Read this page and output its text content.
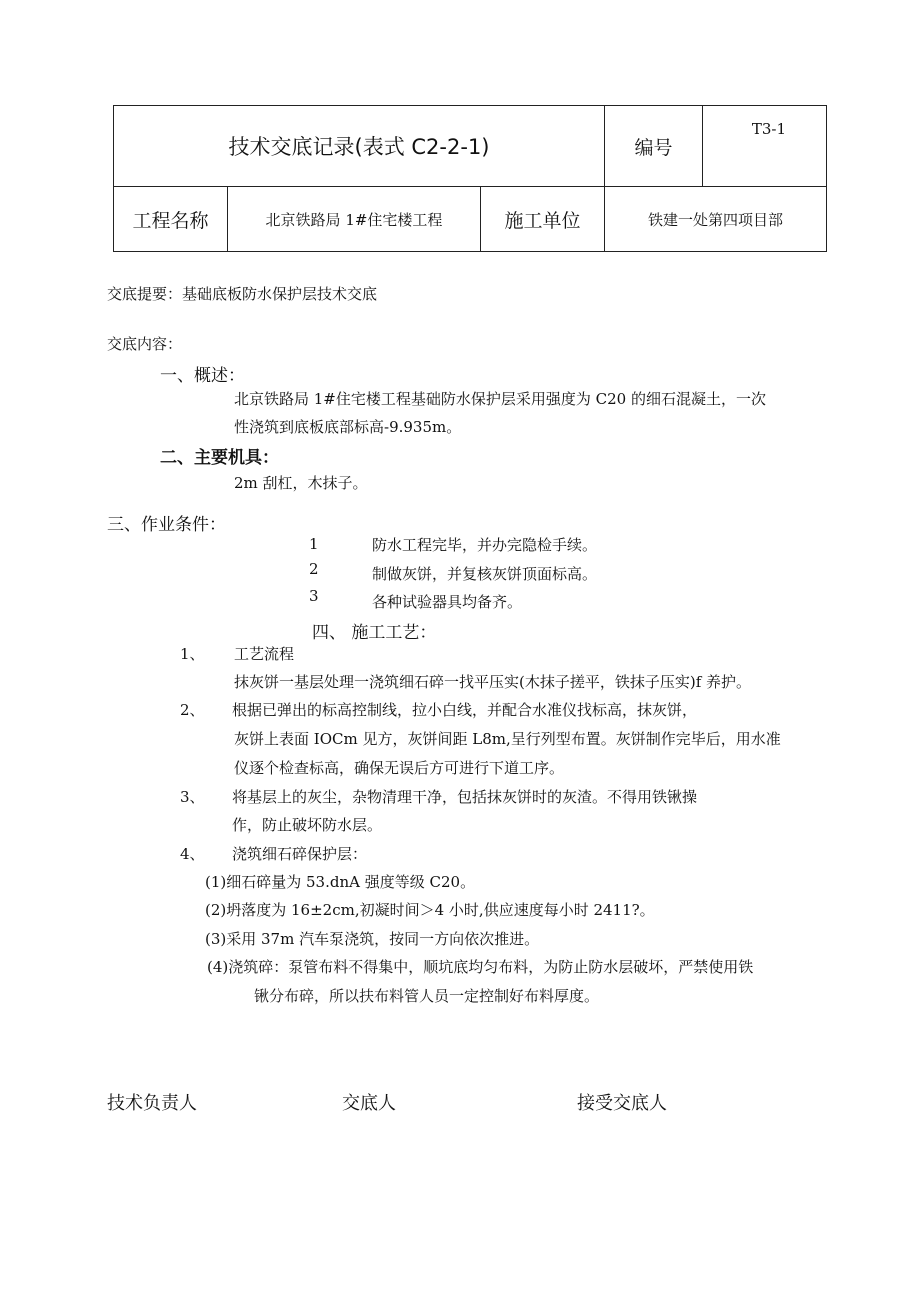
技术交底记录(表式 C2-2-1)			编号	T3-1
工程名称	北京铁路局 1#住宅楼工程	施工单位	铁建一处第四项目部	
交底提要：基础底板防水保护层技术交底
交底内容：
一、概述：
北京铁路局 1#住宅楼工程基础防水保护层采用强度为 C20 的细石混凝土，一次
性浇筑到底板底部标高-9.935m。
二、主要机具：
2m 刮杠，木抹子。
三、作业条件：
1	防水工程完毕，并办完隐检手续。
2	制做灰饼，并复核灰饼顶面标高。
3	各种试验器具均备齐。
四、 施工工艺：
1、 工艺流程
抹灰饼一基层处理一浇筑细石碎一找平压实(木抹子搓平，铁抹子压实)f 养护。
2、 根据已弹出的标高控制线，拉小白线，并配合水准仪找标高，抹灰饼，
灰饼上表面 IOCm 见方，灰饼间距 L8m,呈行列型布置。灰饼制作完毕后，用水准
仪逐个检查标高，确保无误后方可进行下道工序。
3、 将基层上的灰尘，杂物清理干净，包括抹灰饼时的灰渣。不得用铁锹操
作，防止破坏防水层。
4、 浇筑细石碎保护层：
(1)细石碎量为 53.dnA 强度等级 C20。
(2)坍落度为 16±2cm,初凝时间＞4 小时,供应速度每小时 2411?。
(3)采用 37m 汽车泵浇筑，按同一方向依次推进。
(4)浇筑碎：泵管布料不得集中，顺坑底均匀布料，为防止防水层破坏，严禁使用铁
锹分布碎，所以扶布料管人员一定控制好布料厚度。
技术负责人	交底人	接受交底人
